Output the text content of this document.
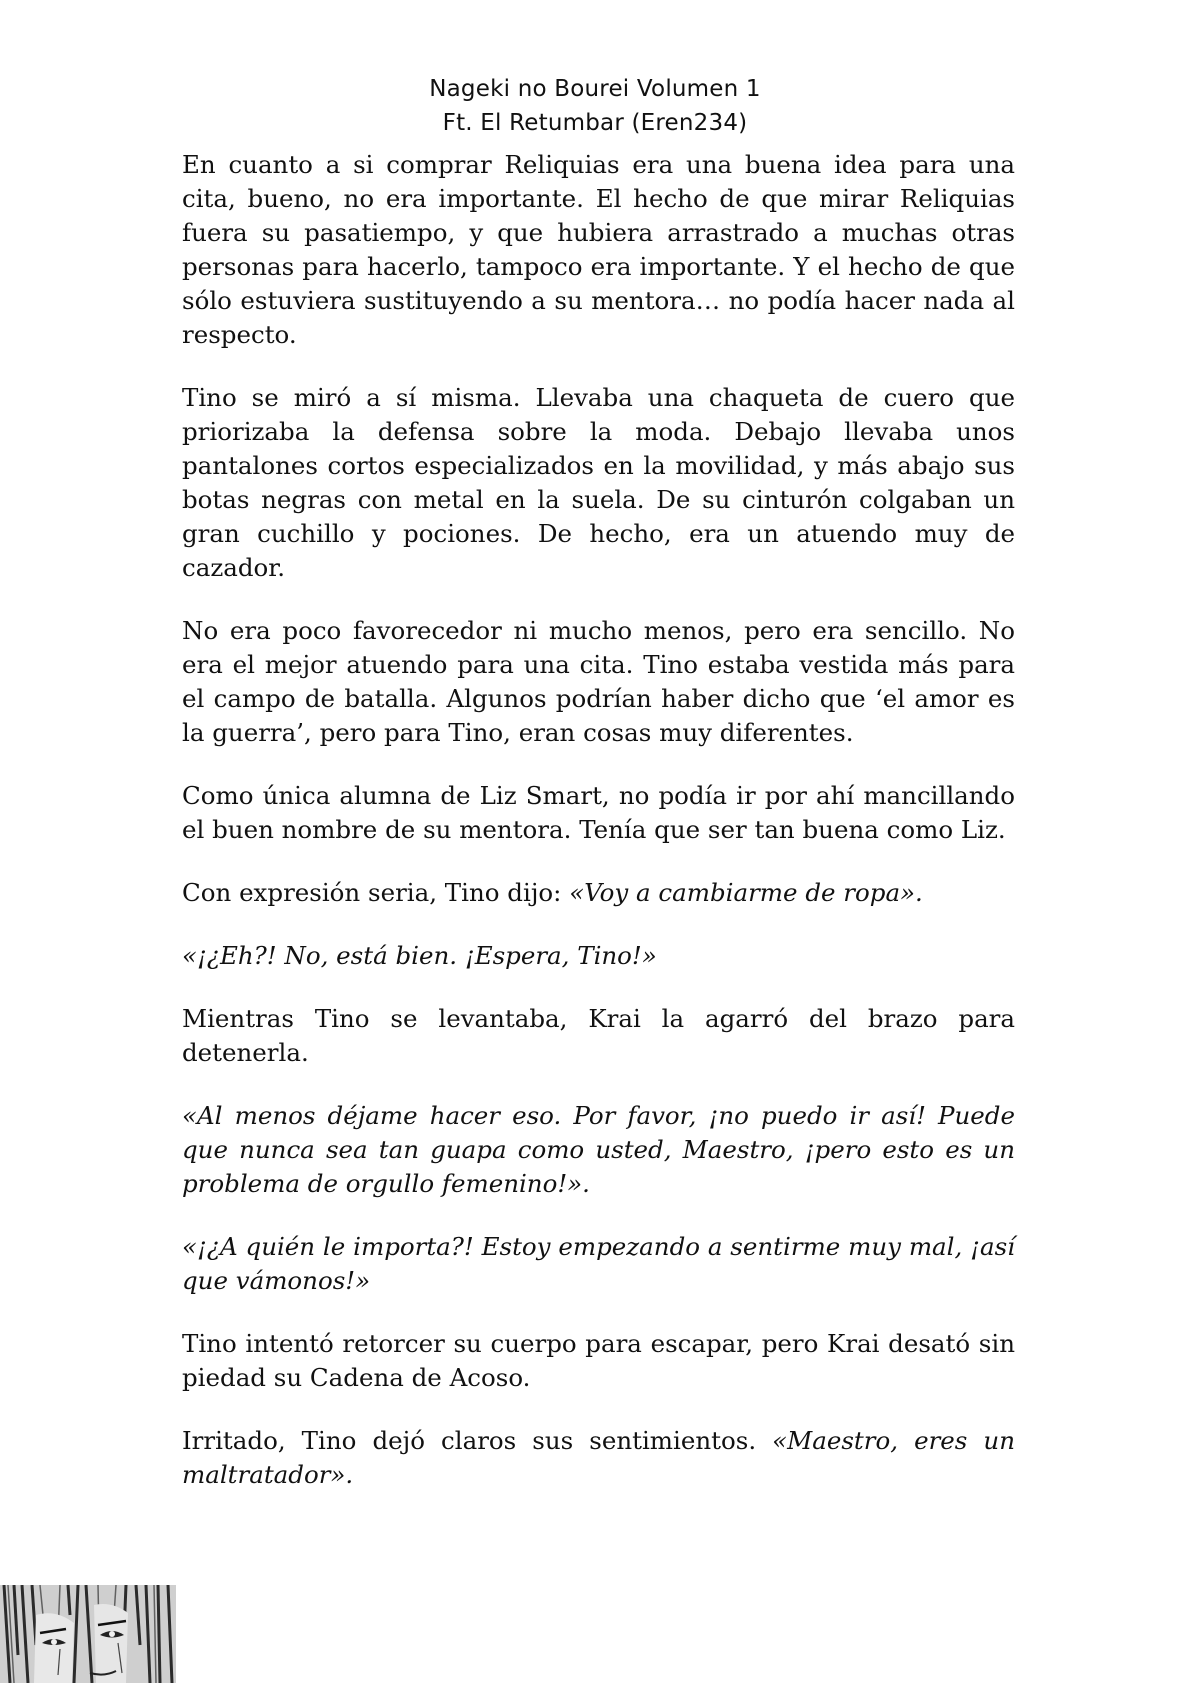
Nageki no Bourei Volumen 1
Ft. El Retumbar (Eren234)

En cuanto a si comprar Reliquias era una buena idea para una cita, bueno, no era importante. El hecho de que mirar Reliquias fuera su pasatiempo, y que hubiera arrastrado a muchas otras personas para hacerlo, tampoco era importante. Y el hecho de que sólo estuviera sustituyendo a su mentora… no podía hacer nada al respecto.

Tino se miró a sí misma. Llevaba una chaqueta de cuero que priorizaba la defensa sobre la moda. Debajo llevaba unos pantalones cortos especializados en la movilidad, y más abajo sus botas negras con metal en la suela. De su cinturón colgaban un gran cuchillo y pociones. De hecho, era un atuendo muy de cazador.

No era poco favorecedor ni mucho menos, pero era sencillo. No era el mejor atuendo para una cita. Tino estaba vestida más para el campo de batalla. Algunos podrían haber dicho que ‘el amor es la guerra’, pero para Tino, eran cosas muy diferentes.

Como única alumna de Liz Smart, no podía ir por ahí mancillando el buen nombre de su mentora. Tenía que ser tan buena como Liz.

Con expresión seria, Tino dijo: «Voy a cambiarme de ropa».

«¡¿Eh?! No, está bien. ¡Espera, Tino!»

Mientras Tino se levantaba, Krai la agarró del brazo para detenerla.

«Al menos déjame hacer eso. Por favor, ¡no puedo ir así! Puede que nunca sea tan guapa como usted, Maestro, ¡pero esto es un problema de orgullo femenino!».

«¡¿A quién le importa?! Estoy empezando a sentirme muy mal, ¡así que vámonos!»

Tino intentó retorcer su cuerpo para escapar, pero Krai desató sin piedad su Cadena de Acoso.

Irritado, Tino dejó claros sus sentimientos. «Maestro, eres un maltratador».
